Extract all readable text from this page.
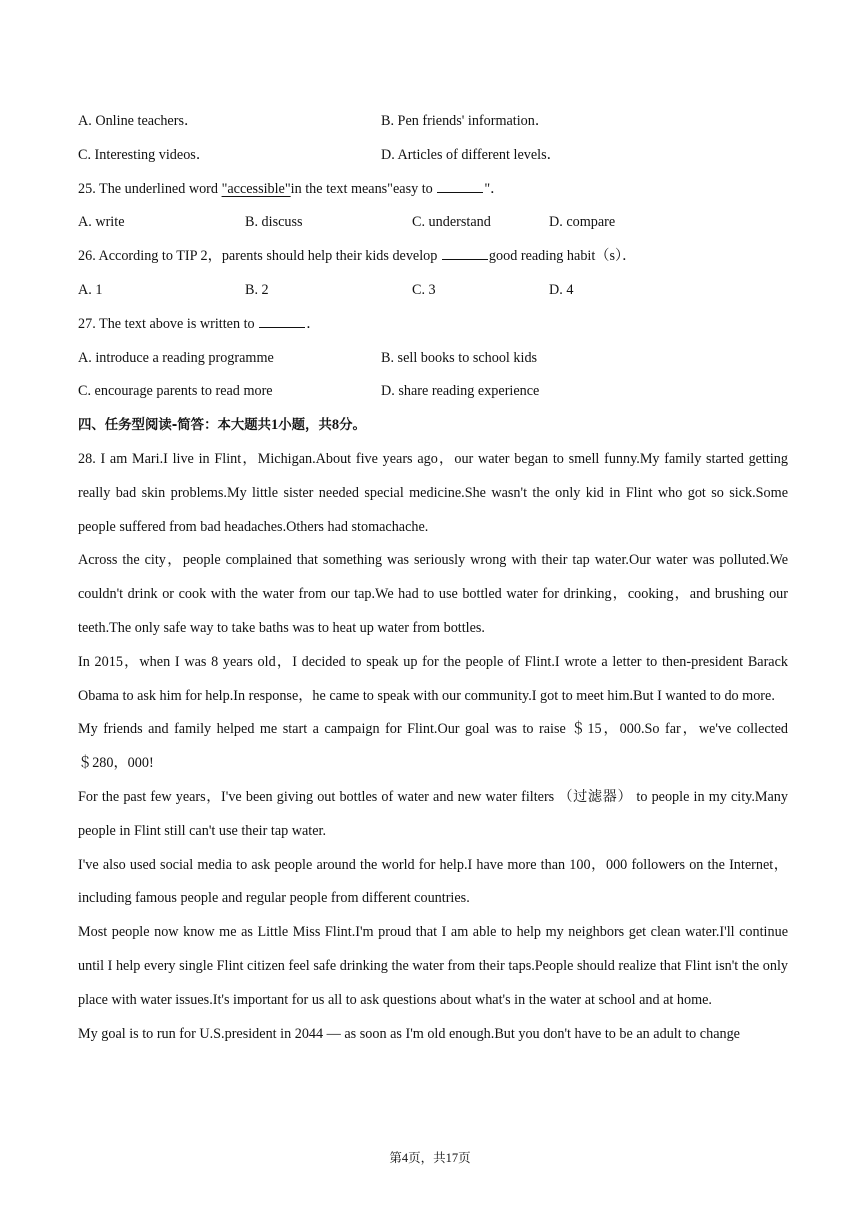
A. Online teachers．	B. Pen friends' information．
C. Interesting videos．	D. Articles of different levels．
25. The underlined word "accessible"in the text means"easy to	"．
A. write	B. discuss	C. understand	D. compare
26. According to TIP 2，parents should help their kids develop	good reading habit（s）．
A. 1	B. 2	C. 3	D. 4
27. The text above is written to	．
A. introduce a reading programme	B. sell books to school kids
C. encourage parents to read more	D. share reading experience
四、任务型阅读-简答：本大题共1小题，共8分。
28. I am Mari.I live in Flint，Michigan.About five years ago，our water began to smell funny.My family started getting really bad skin problems.My little sister needed special medicine.She wasn't the only kid in Flint who got so sick.Some people suffered from bad headaches.Others had stomachache.
Across the city，people complained that something was seriously wrong with their tap water.Our water was polluted.We couldn't drink or cook with the water from our tap.We had to use bottled water for drinking，cooking，and brushing our teeth.The only safe way to take baths was to heat up water from bottles.
In 2015，when I was 8 years old，I decided to speak up for the people of Flint.I wrote a letter to then-president Barack Obama to ask him for help.In response，he came to speak with our community.I got to meet him.But I wanted to do more.
My friends and family helped me start a campaign for Flint.Our goal was to raise ＄15，000.So far，we've collected ＄280，000!
For the past few years，I've been giving out bottles of water and new water filters （过滤器） to people in my city.Many people in Flint still can't use their tap water.
I've also used social media to ask people around the world for help.I have more than 100，000 followers on the Internet，including famous people and regular people from different countries.
Most people now know me as Little Miss Flint.I'm proud that I am able to help my neighbors get clean water.I'll continue until I help every single Flint citizen feel safe drinking the water from their taps.People should realize that Flint isn't the only place with water issues.It's important for us all to ask questions about what's in the water at school and at home.
My goal is to run for U.S.president in 2044 — as soon as I'm old enough.But you don't have to be an adult to change
第4页，共17页
